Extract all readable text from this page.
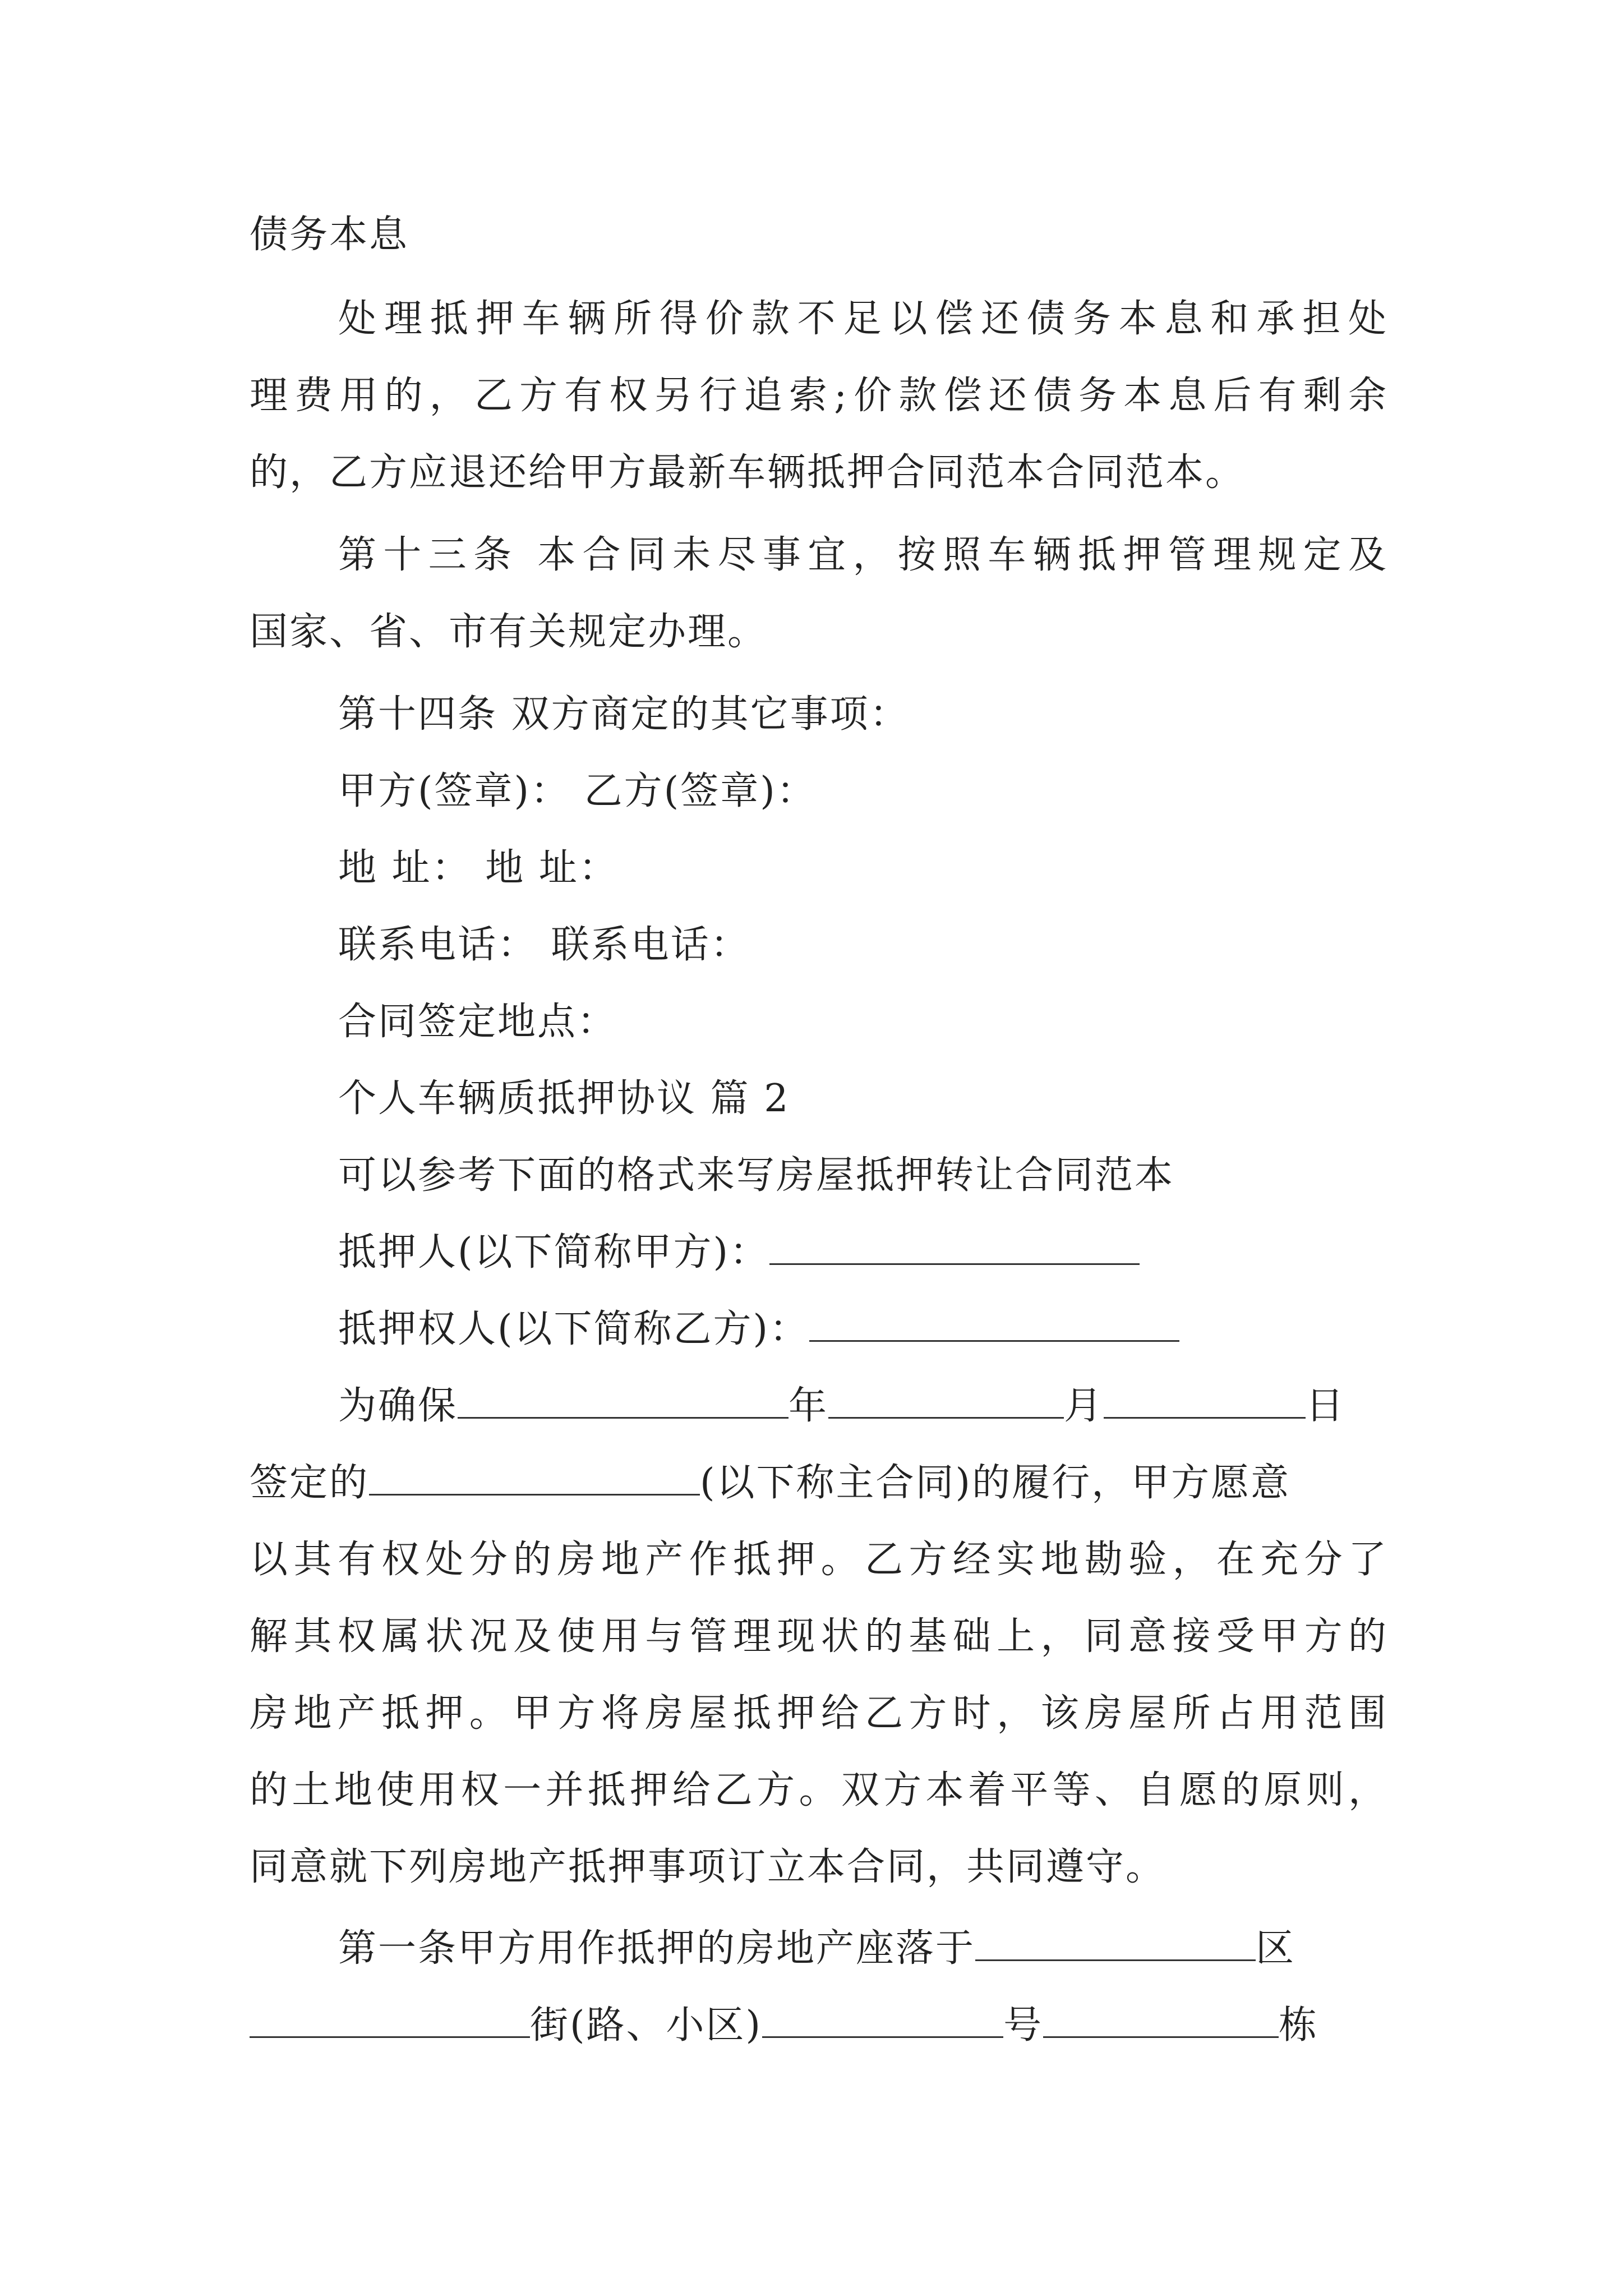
债务本息
处理抵押车辆所得价款不足以偿还债务本息和承担处
理费用的，乙方有权另行追索;价款偿还债务本息后有剩余
的，乙方应退还给甲方最新车辆抵押合同范本合同范本。
第十三条 本合同未尽事宜，按照车辆抵押管理规定及
国家、省、市有关规定办理。
第十四条 双方商定的其它事项：
甲方(签章)： 乙方(签章)：
地 址： 地 址：
联系电话： 联系电话：
合同签定地点：
个人车辆质抵押协议 篇 2
可以参考下面的格式来写房屋抵押转让合同范本
抵押人(以下简称甲方)：
抵押权人(以下简称乙方)：
为确保	年	月	日
签定的	(以下称主合同)的履行，甲方愿意
以其有权处分的房地产作抵押。乙方经实地勘验，在充分了
解其权属状况及使用与管理现状的基础上，同意接受甲方的
房地产抵押。甲方将房屋抵押给乙方时，该房屋所占用范围
的土地使用权一并抵押给乙方。双方本着平等、自愿的原则，
同意就下列房地产抵押事项订立本合同，共同遵守。
第一条甲方用作抵押的房地产座落于	区
街(路、小区)	号	栋
